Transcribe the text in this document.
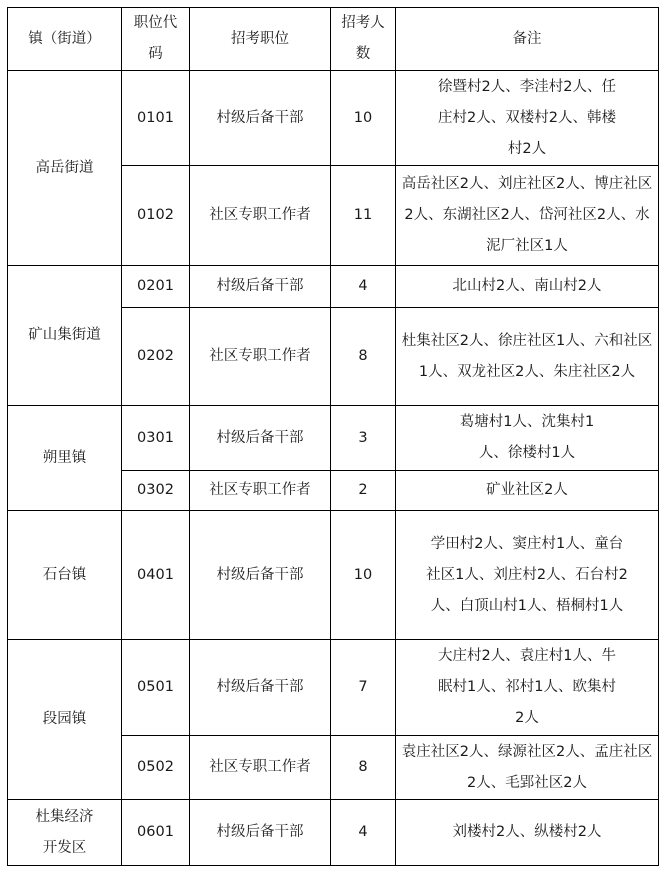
镇（街道）	职位代码	招考职位	招考人数	备注
高岳街道	0101	村级后备干部	10	徐暨村2人、李洼村2人、任庄村2人、双楼村2人、韩楼村2人
	0102	社区专职工作者	11	高岳社区2人、刘庄社区2人、博庄社区2人、东湖社区2人、岱河社区2人、水泥厂社区1人
矿山集街道	0201	村级后备干部	4	北山村2人、南山村2人
	0202	社区专职工作者	8	杜集社区2人、徐庄社区1人、六和社区1人、双龙社区2人、朱庄社区2人
朔里镇	0301	村级后备干部	3	葛塘村1人、沈集村1人、徐楼村1人
	0302	社区专职工作者	2	矿业社区2人
石台镇	0401	村级后备干部	10	学田村2人、窦庄村1人、童台社区1人、刘庄村2人、石台村2人、白顶山村1人、梧桐村1人
段园镇	0501	村级后备干部	7	大庄村2人、袁庄村1人、牛眠村1人、祁村1人、欧集村2人
	0502	社区专职工作者	8	袁庄社区2人、绿源社区2人、孟庄社区2人、毛郢社区2人
杜集经济开发区	0601	村级后备干部	4	刘楼村2人、纵楼村2人
